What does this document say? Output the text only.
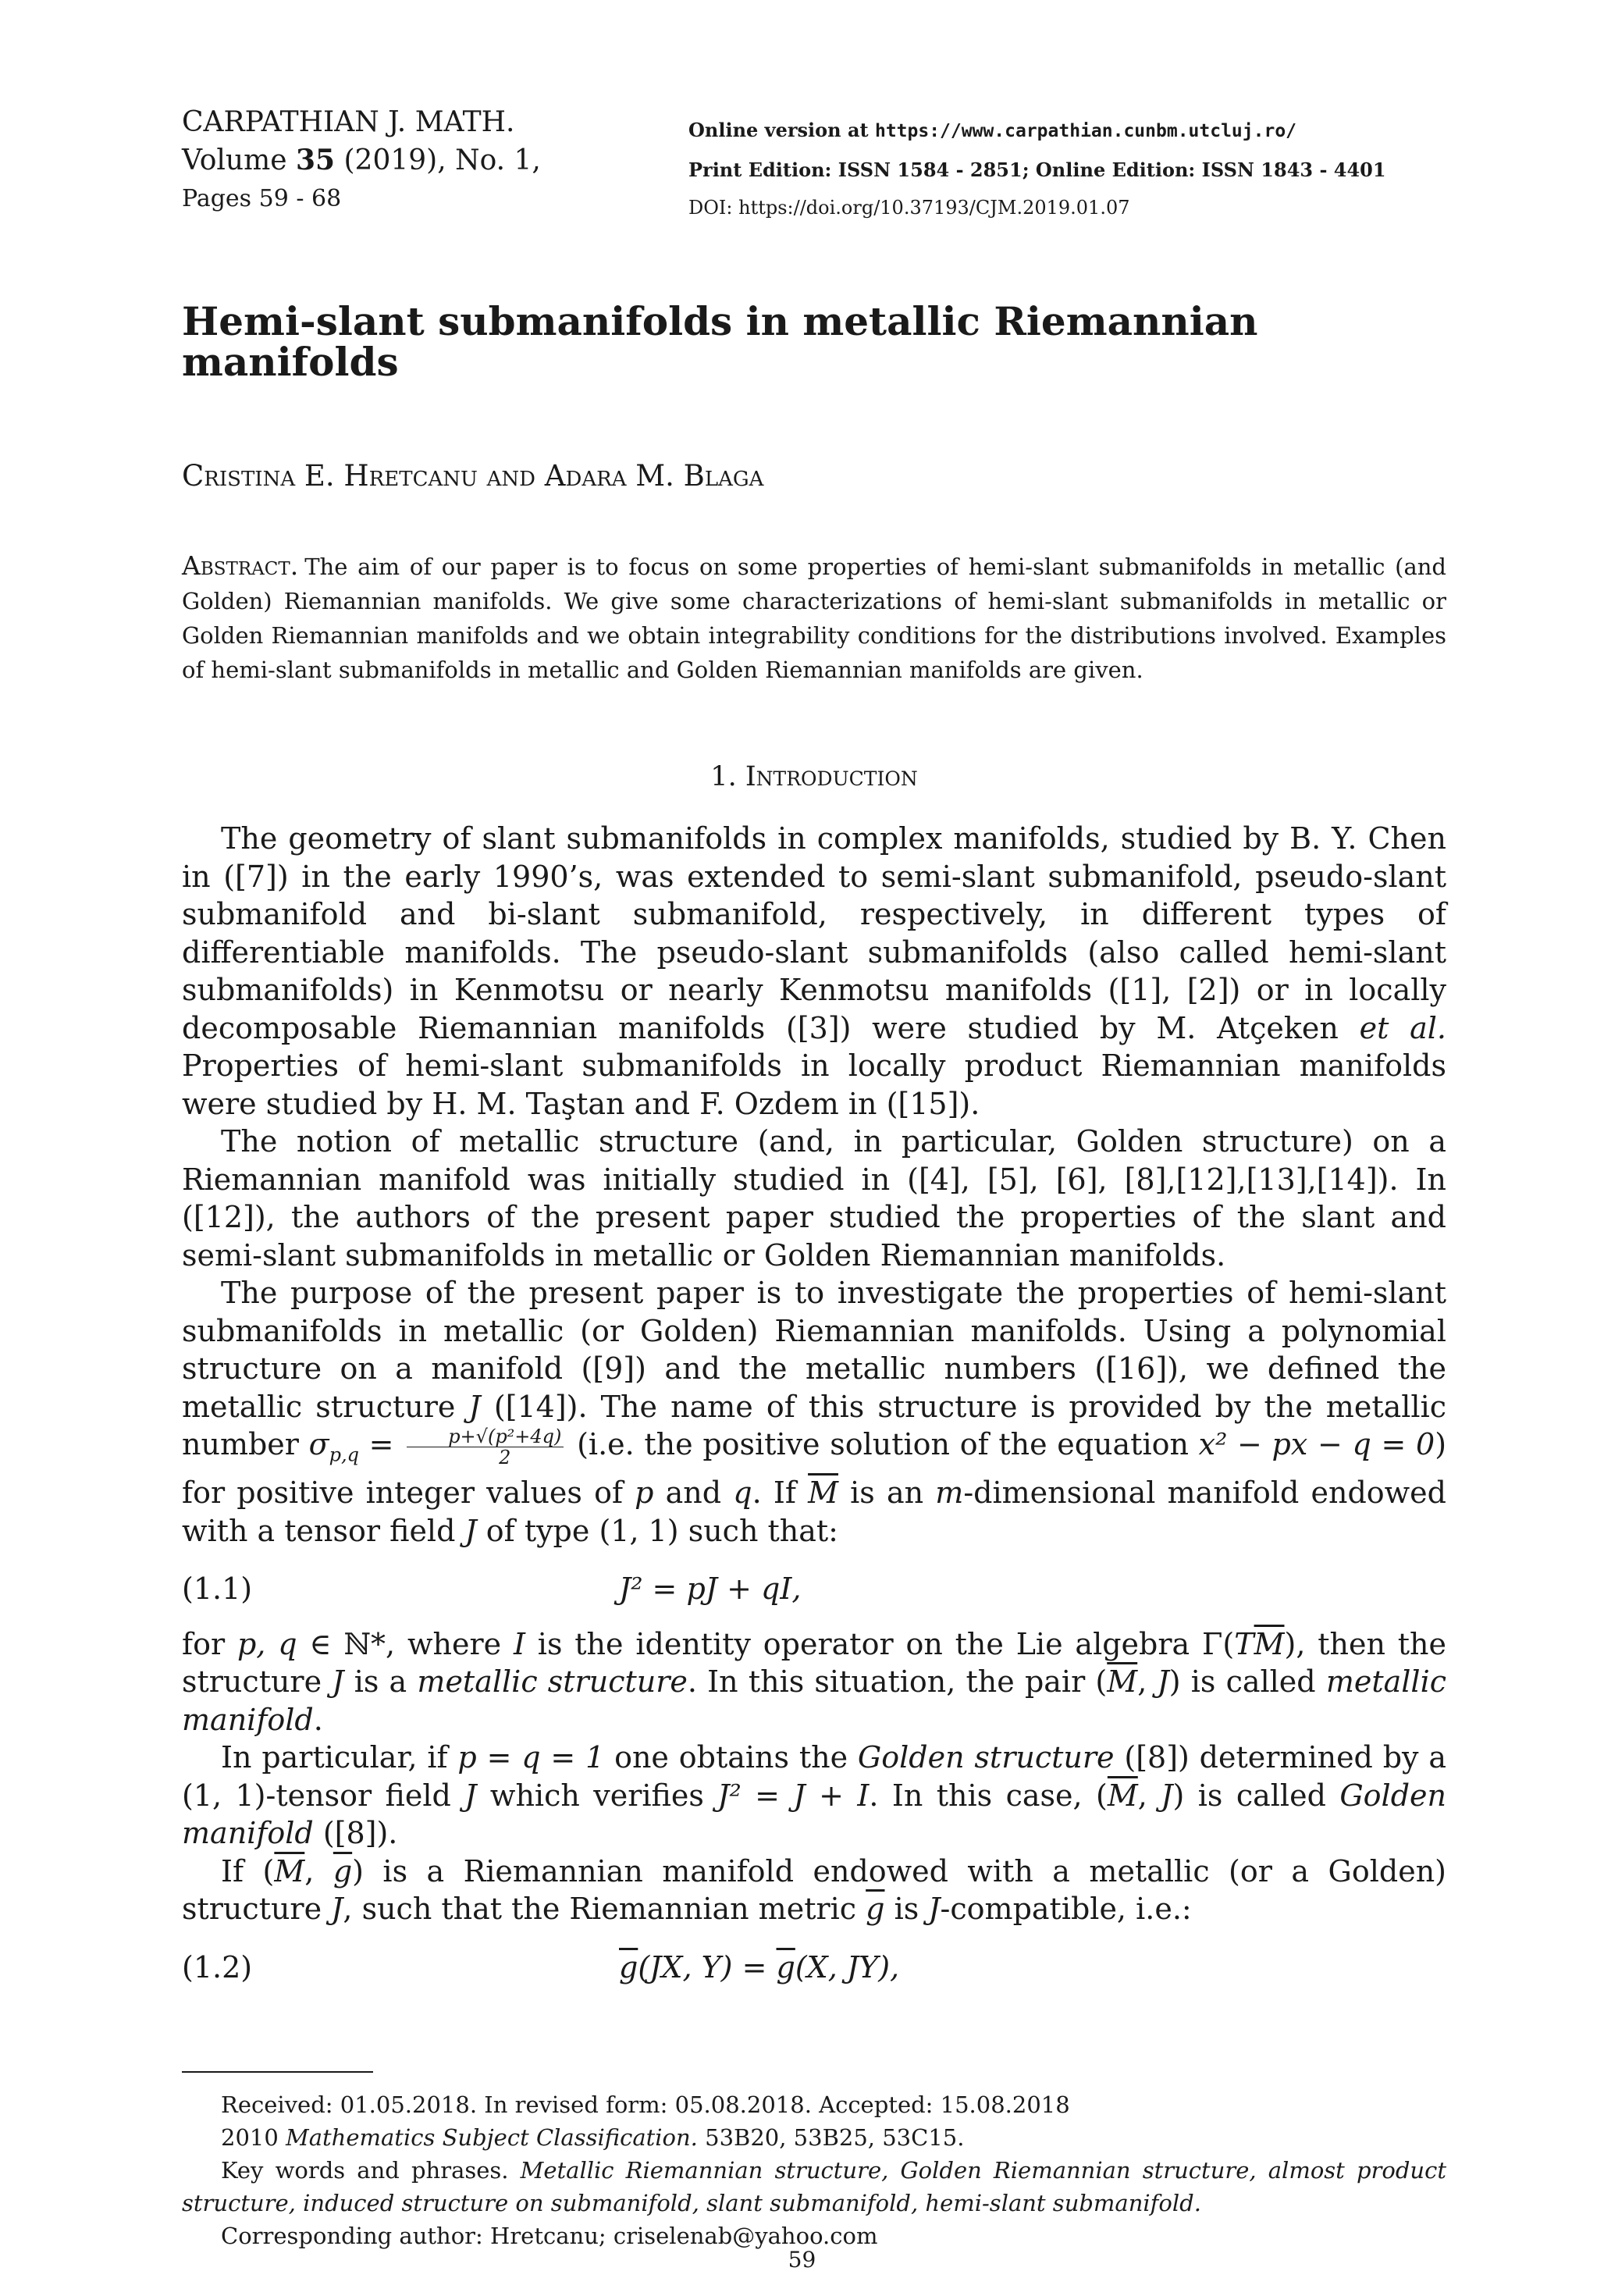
CARPATHIAN J. MATH.
Volume 35 (2019), No. 1,
Pages 59 - 68
Online version at https://www.carpathian.cunbm.utcluj.ro/
Print Edition: ISSN 1584 - 2851; Online Edition: ISSN 1843 - 4401
DOI: https://doi.org/10.37193/CJM.2019.01.07
Hemi-slant submanifolds in metallic Riemannian manifolds
Cristina E. Hretcanu and Adara M. Blaga
Abstract. The aim of our paper is to focus on some properties of hemi-slant submanifolds in metallic (and Golden) Riemannian manifolds. We give some characterizations of hemi-slant submanifolds in metallic or Golden Riemannian manifolds and we obtain integrability conditions for the distributions involved. Examples of hemi-slant submanifolds in metallic and Golden Riemannian manifolds are given.
1. Introduction

The geometry of slant submanifolds in complex manifolds, studied by B. Y. Chen in ([7]) in the early 1990’s, was extended to semi-slant submanifold, pseudo-slant submanifold and bi-slant submanifold, respectively, in different types of differentiable manifolds. The pseudo-slant submanifolds (also called hemi-slant submanifolds) in Kenmotsu or nearly Kenmotsu manifolds ([1], [2]) or in locally decomposable Riemannian manifolds ([3]) were studied by M. Atçeken et al. Properties of hemi-slant submanifolds in locally product Riemannian manifolds were studied by H. M. Taştan and F. Ozdem in ([15]).

The notion of metallic structure (and, in particular, Golden structure) on a Riemannian manifold was initially studied in ([4], [5], [6], [8],[12],[13],[14]). In ([12]), the authors of the present paper studied the properties of the slant and semi-slant submanifolds in metallic or Golden Riemannian manifolds.

The purpose of the present paper is to investigate the properties of hemi-slant submanifolds in metallic (or Golden) Riemannian manifolds. Using a polynomial structure on a manifold ([9]) and the metallic numbers ([16]), we defined the metallic structure J ([14]). The name of this structure is provided by the metallic number $\sigma_{p,q} = \frac{\text{p+√(p²+4q)}}{2} (i.e$. the positive solution of the equation x² − px − q = 0) for positive integer values of p and q. If $\overline{M}$ is an m-dimensional manifold endowed with a tensor field J of type (1, 1) such that:

(1.1)	J² = pJ + qI,

for p, q ∈ ℕ*, where I is the identity operator on the Lie algebra $\Gamma(T\overline{M})$, then the structure J is a metallic structure. In this situation, the pair ($\overline{M}$, J) is called metallic manifold.

In particular, if p = q = 1 one obtains the Golden structure ([8]) determined by a (1, 1)-tensor field J which verifies J² = J + I. In this case, ($\overline{M}$, J) is called Golden manifold ([8]).

If ($\overline{M}$, $\overline{g}$) is a Riemannian manifold endowed with a metallic (or a Golden) structure J, such that the Riemannian metric $\overline{g}$ is J-compatible, i.e.:

(1.2)	$\overline{g}(JX$, $Y) = \overline{g}(X$, JY),

Received: 01.05.2018. In revised form: 05.08.2018. Accepted: 15.08.2018

2010 Mathematics Subject Classification. 53B20, 53B25, 53C15.

Key words and phrases. Metallic Riemannian structure, Golden Riemannian structure, almost product structure, induced structure on submanifold, slant submanifold, hemi-slant submanifold.

Corresponding author: Hretcanu; criselenab@yahoo.com

59
